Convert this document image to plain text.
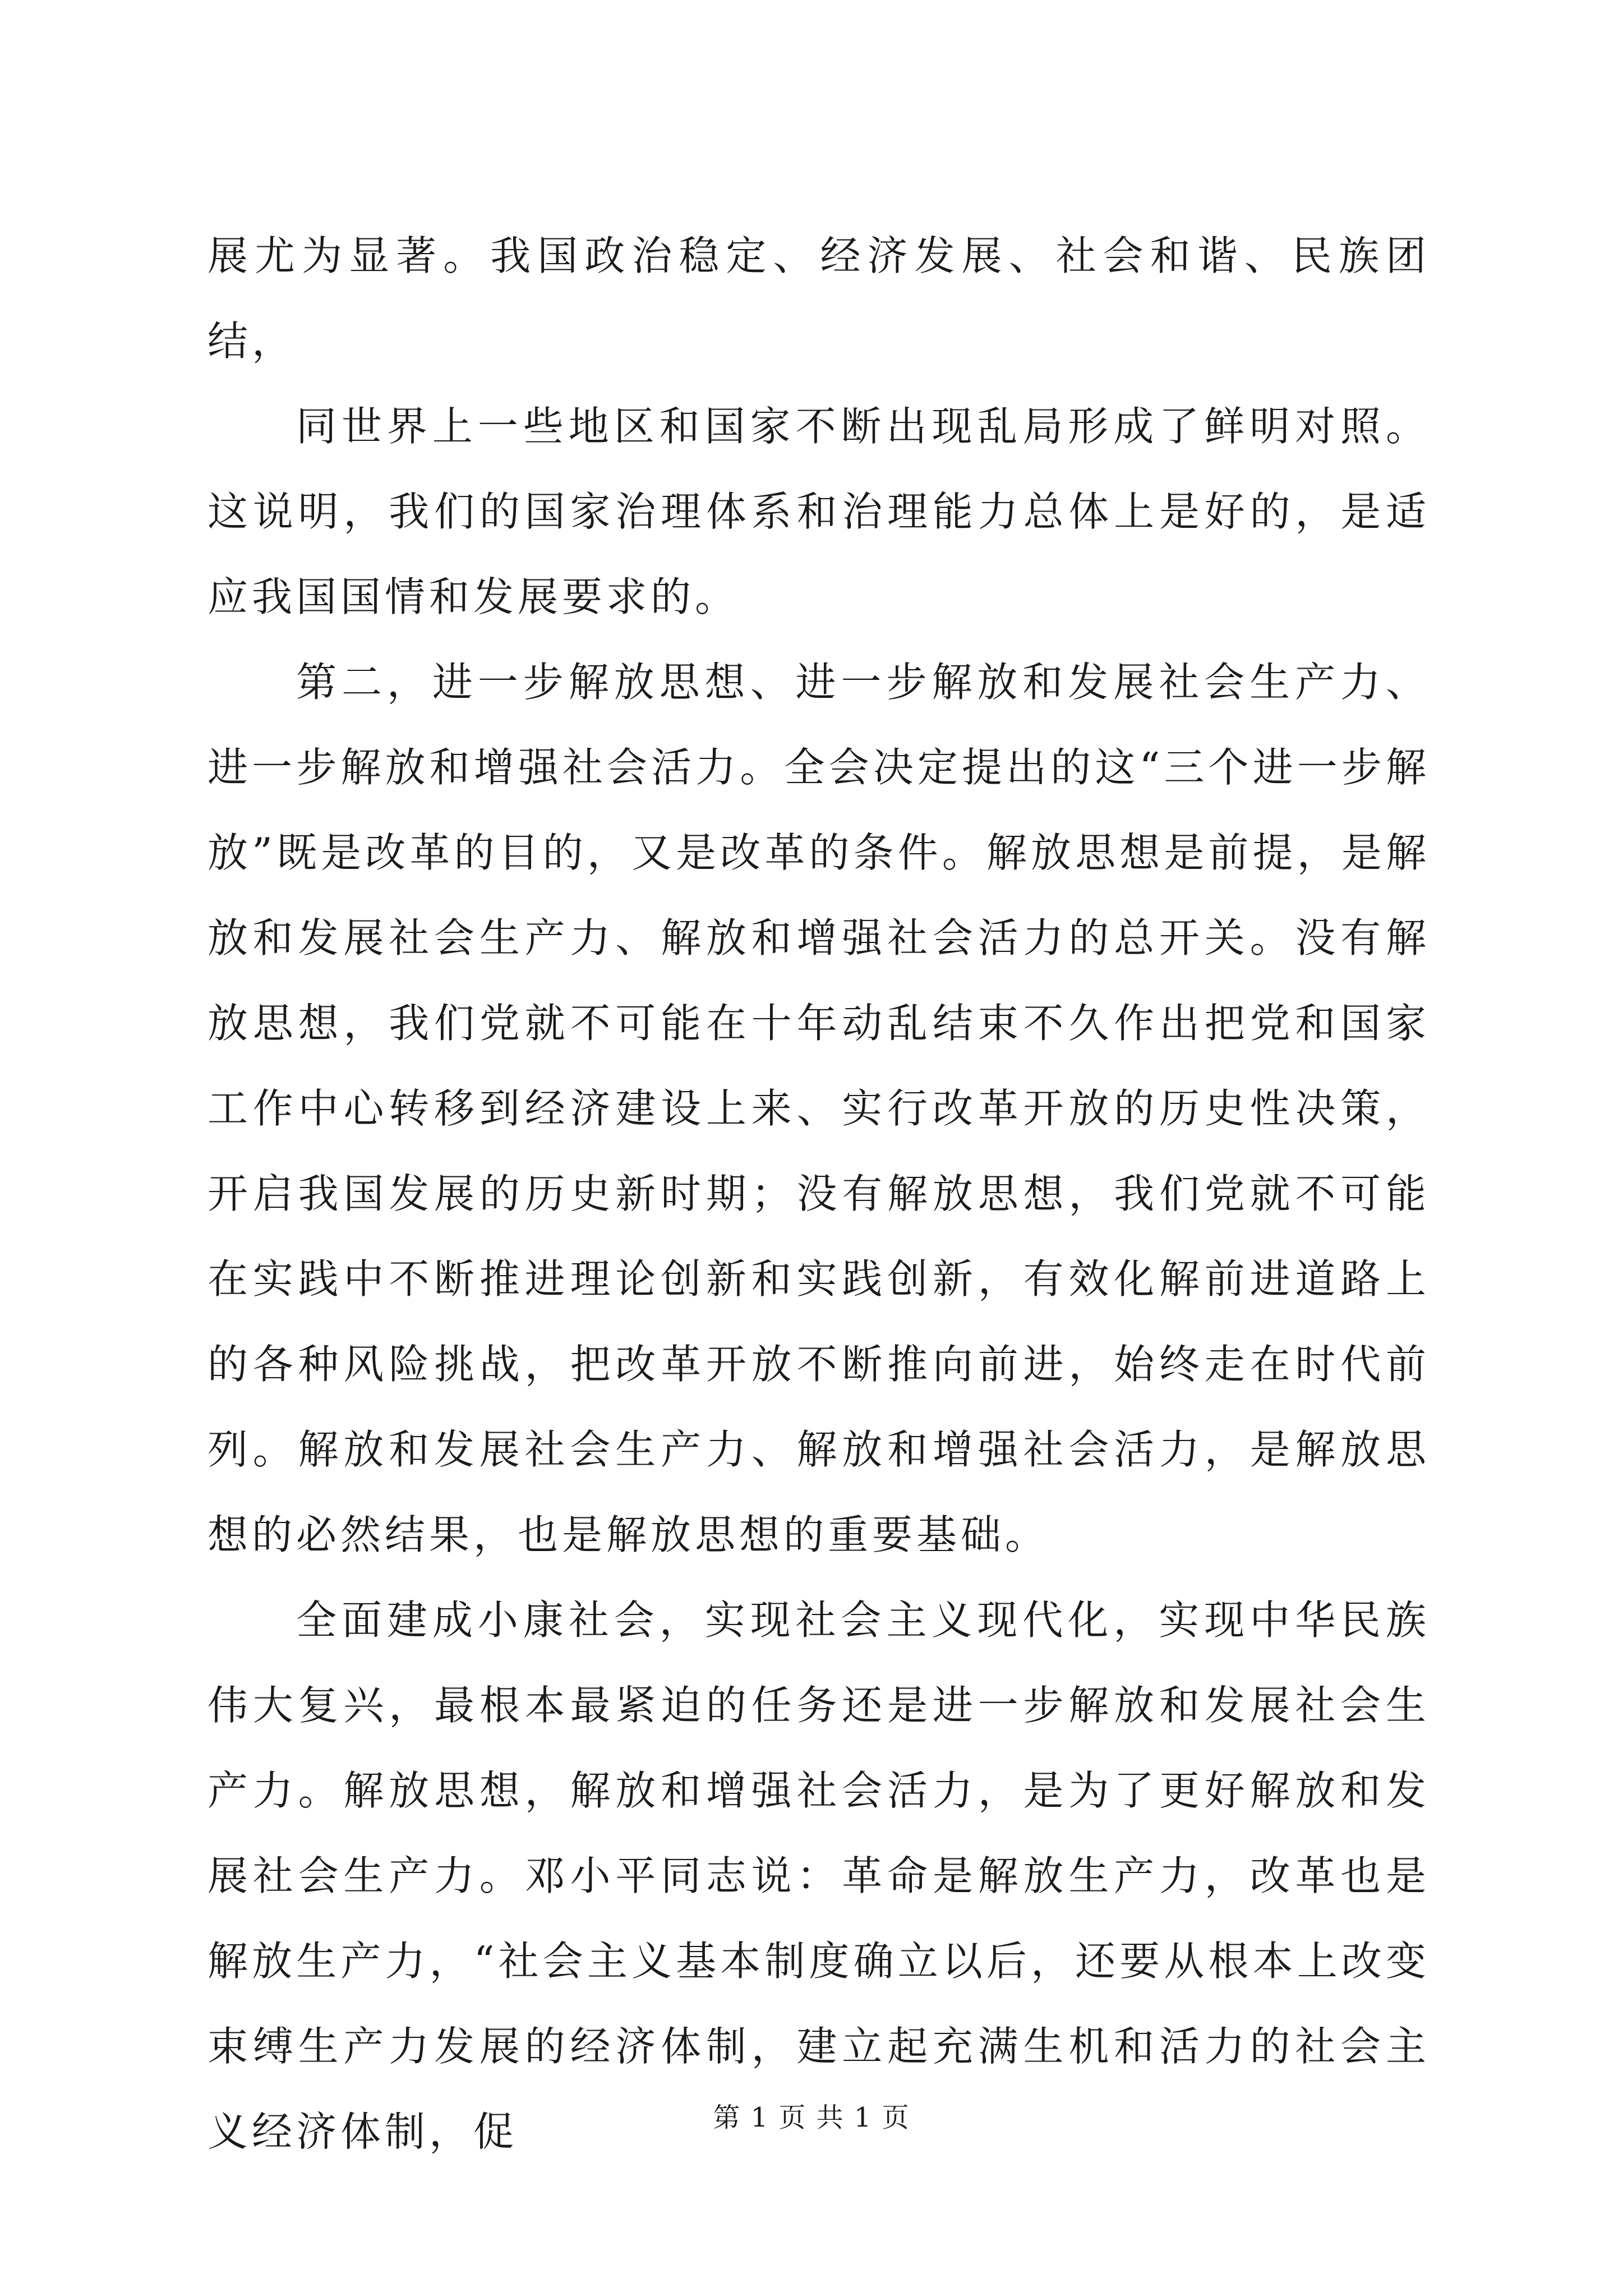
展尤为显著。我国政治稳定、经济发展、社会和谐、民族团结，

同世界上一些地区和国家不断出现乱局形成了鲜明对照。这说明，我们的国家治理体系和治理能力总体上是好的，是适应我国国情和发展要求的。

第二，进一步解放思想、进一步解放和发展社会生产力、进一步解放和增强社会活力。全会决定提出的这“三个进一步解放”既是改革的目的，又是改革的条件。解放思想是前提，是解放和发展社会生产力、解放和增强社会活力的总开关。没有解放思想，我们党就不可能在十年动乱结束不久作出把党和国家工作中心转移到经济建设上来、实行改革开放的历史性决策，开启我国发展的历史新时期；没有解放思想，我们党就不可能在实践中不断推进理论创新和实践创新，有效化解前进道路上的各种风险挑战，把改革开放不断推向前进，始终走在时代前列。解放和发展社会生产力、解放和增强社会活力，是解放思想的必然结果，也是解放思想的重要基础。

全面建成小康社会，实现社会主义现代化，实现中华民族伟大复兴，最根本最紧迫的任务还是进一步解放和发展社会生产力。解放思想，解放和增强社会活力，是为了更好解放和发展社会生产力。邓小平同志说：革命是解放生产力，改革也是解放生产力，“社会主义基本制度确立以后，还要从根本上改变束缚生产力发展的经济体制，建立起充满生机和活力的社会主义经济体制，促	第 1 页 共 1 页
